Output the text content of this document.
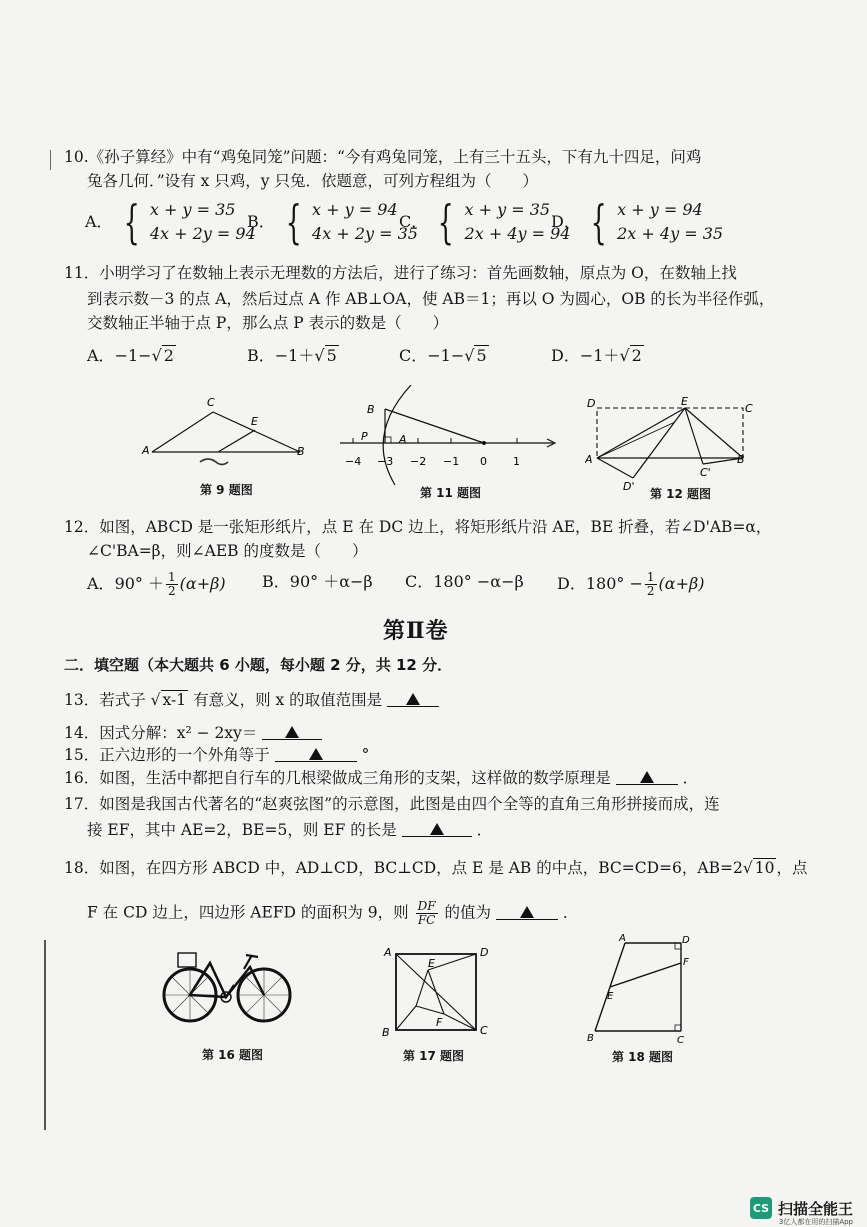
10.《孙子算经》中有“鸡兔同笼”问题：“今有鸡兔同笼，上有三十五头，下有九十四足，问鸡
兔各几何．”设有 x 只鸡，y 只兔．依题意，可列方程组为（　　）
A． { x + y = 35
4x + 2y = 94
B． { x + y = 94
4x + 2y = 35
C． { x + y = 35
2x + 4y = 94
D． { x + y = 94
2x + 4y = 35
11．小明学习了在数轴上表示无理数的方法后，进行了练习：首先画数轴，原点为 O，在数轴上找
到表示数－3 的点 A，然后过点 A 作 AB⊥OA，使 AB＝1；再以 O 为圆心，OB 的长为半径作弧，
交数轴正半轴于点 P，那么点 P 表示的数是（　　）
A．−1−√ 2	B．−1＋√ 5	C．−1−√ 5	D．−1＋√ 2
A
C
E
B
第 9 题图
B
P	A
−4 −3 −2 −1 0 1
第 11 题图
D	E
C
A	B
C'
D'
第 12 题图
12．如图，ABCD 是一张矩形纸片，点 E 在 DC 边上，将矩形纸片沿 AE，BE 折叠，若∠D'AB=α，
∠C'BA=β，则∠AEB 的度数是（　　）
A．$90^\circ + \frac{1}{2} (\alpha+\beta)$ B．90° ＋α−β C．180° −α−β D．$180^\circ - \frac{1}{2} (\alpha+\beta)$
第Ⅱ卷
二．填空题（本大题共 6 小题，每小题 2 分，共 12 分．
13．若式子 √ x-1 有意义，则 x 的取值范围是
14．因式分解：x² − 2xy＝
15．正六边形的一个外角等于	°
16．如图，生活中都把自行车的几根梁做成三角形的支架，这样做的数学原理是	．
17．如图是我国古代著名的“赵爽弦图”的示意图，此图是由四个全等的直角三角形拼接而成，连
接 EF，其中 AE=2，BE=5，则 EF 的长是	．
18．如图，在四方形 ABCD 中，AD⊥CD，BC⊥CD，点 E 是 AB 的中点，BC=CD=6，AB=2√ 10 ，点
F 在 CD 边上，四边形 AEFD 的面积为 9，则 $\frac{DF}{FC}$ 的值为	．
第 16 题图
A	D
E
F
B	C
第 17 题图
A	D
F
E
B	C
第 18 题图
CS 扫描全能王
3亿人都在用的扫描App
